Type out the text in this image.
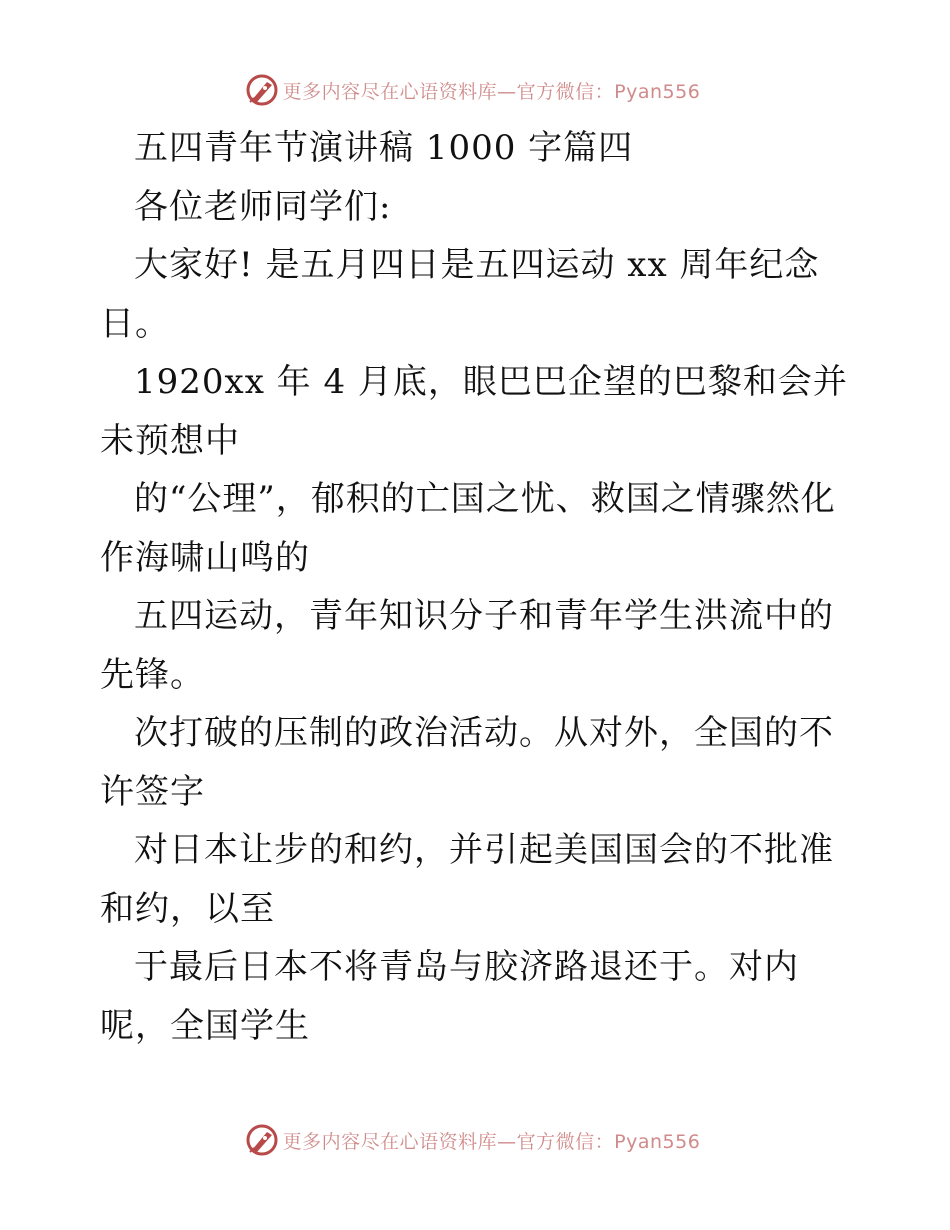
更多内容尽在心语资料库—官方微信：Pyan556

五四青年节演讲稿 1000 字篇四

各位老师同学们:

大家好! 是五月四日是五四运动 xx 周年纪念日。

1920xx 年 4 月底，眼巴巴企望的巴黎和会并未预想中

的“公理”，郁积的亡国之忧、救国之情骤然化作海啸山鸣的

五四运动，青年知识分子和青年学生洪流中的先锋。

次打破的压制的政治活动。从对外，全国的不许签字

对日本让步的和约，并引起美国国会的不批准和约，以至

于最后日本不将青岛与胶济路退还于。对内呢，全国学生

更多内容尽在心语资料库—官方微信：Pyan556
